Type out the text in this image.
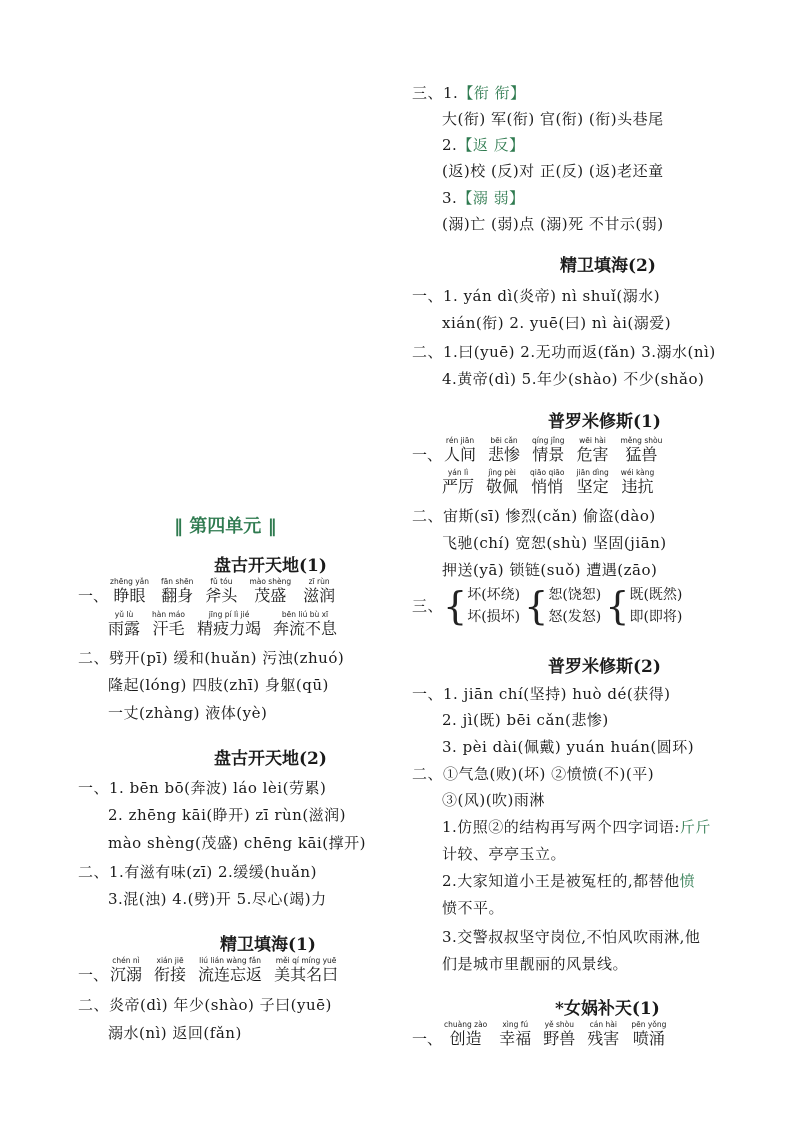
三、1.【衔 衔】
大(衔) 军(衔) 官(衔) (衔)头巷尾
2.【返 反】
(返)校 (反)对 正(反) (返)老还童
3.【溺 弱】
(溺)亡 (弱)点 (溺)死 不甘示(弱)
精卫填海(2)
一、1. yán dì(炎帝) nì shuǐ(溺水)
xián(衔) 2. yuē(曰) nì ài(溺爱)
二、1.曰(yuē) 2.无功而返(fǎn) 3.溺水(nì)
4.黄帝(dì) 5.年少(shào) 不少(shǎo)
普罗米修斯(1)
一、
rén jiān
人间
bēi cǎn
悲惨
qíng jǐng
情景
wēi hài
危害
měng shòu
猛兽
yán lì
严厉
jìng pèi
敬佩
qiāo qiāo
悄悄
jiān dìng
坚定
wéi kàng
违抗
二、宙斯(sī) 惨烈(cǎn) 偷盗(dào)
飞驰(chí) 宽恕(shù) 坚固(jiān)
押送(yā) 锁链(suǒ) 遭遇(zāo)
三、 { 坏(坏绕)
坏(损坏) { 恕(饶恕)
怒(发怒) { 既(既然)
即(即将)
普罗米修斯(2)
一、1. jiān chí(坚持) huò dé(获得)
2. jì(既) bēi cǎn(悲惨)
3. pèi dài(佩戴) yuán huán(圆环)
二、①气急(败)(坏) ②愤愤(不)(平)
③(风)(吹)雨淋
1.仿照②的结构再写两个四字词语:斤斤
计较、亭亭玉立。
2.大家知道小王是被冤枉的,都替他愤
愤不平。
3.交警叔叔坚守岗位,不怕风吹雨淋,他
们是城市里靓丽的风景线。
*女娲补天(1)
一、
chuàng zào
创造
xìng fú
幸福
yě shòu
野兽
cán hài
残害
pēn yǒng
喷涌
‖ 第四单元 ‖
盘古开天地(1)
一、
zhēng yǎn
睁眼
fān shēn
翻身
fǔ tóu
斧头
mào shèng
茂盛
zī rùn
滋润
yǔ lù
雨露
hàn máo
汗毛
jīng pí lì jié
精疲力竭
bēn liú bù xī
奔流不息
二、劈开(pī) 缓和(huǎn) 污浊(zhuó)
隆起(lóng) 四肢(zhī) 身躯(qū)
一丈(zhàng) 液体(yè)
盘古开天地(2)
一、1. bēn bō(奔波) láo lèi(劳累)
2. zhēng kāi(睁开) zī rùn(滋润)
mào shèng(茂盛) chēng kāi(撑开)
二、1.有滋有味(zī) 2.缓缓(huǎn)
3.混(浊) 4.(劈)开 5.尽心(竭)力
精卫填海(1)
一、
chén nì
沉溺
xián jiē
衔接
liú lián wàng fǎn
流连忘返
měi qí míng yuē
美其名曰
二、炎帝(dì) 年少(shào) 子曰(yuē)
溺水(nì) 返回(fǎn)
